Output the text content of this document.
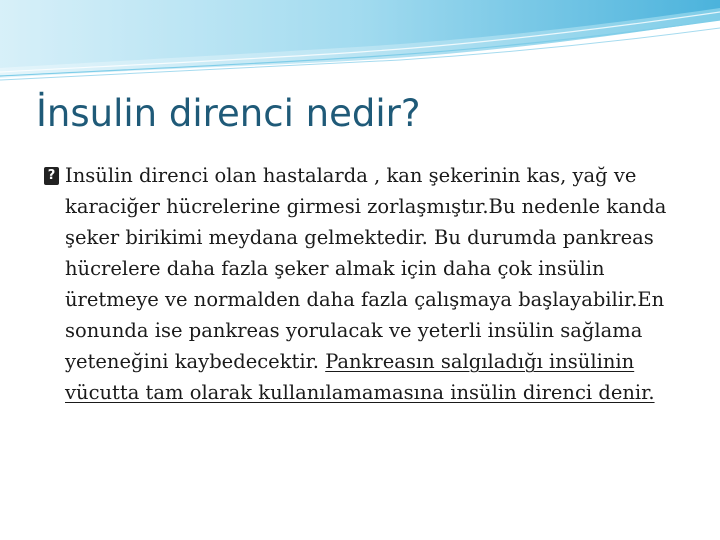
İnsulin direnci nedir?

? Insülin direnci olan hastalarda , kan şekerinin kas, yağ ve karaciğer hücrelerine girmesi zorlaşmıştır.Bu nedenle kanda şeker birikimi meydana gelmektedir. Bu durumda pankreas hücrelere daha fazla şeker almak için daha çok insülin üretmeye ve normalden daha fazla çalışmaya başlayabilir.En sonunda ise pankreas yorulacak ve yeterli insülin sağlama yeteneğini kaybedecektir. Pankreasın salgıladığı insülinin vücutta tam olarak kullanılamamasına insülin direnci denir.
